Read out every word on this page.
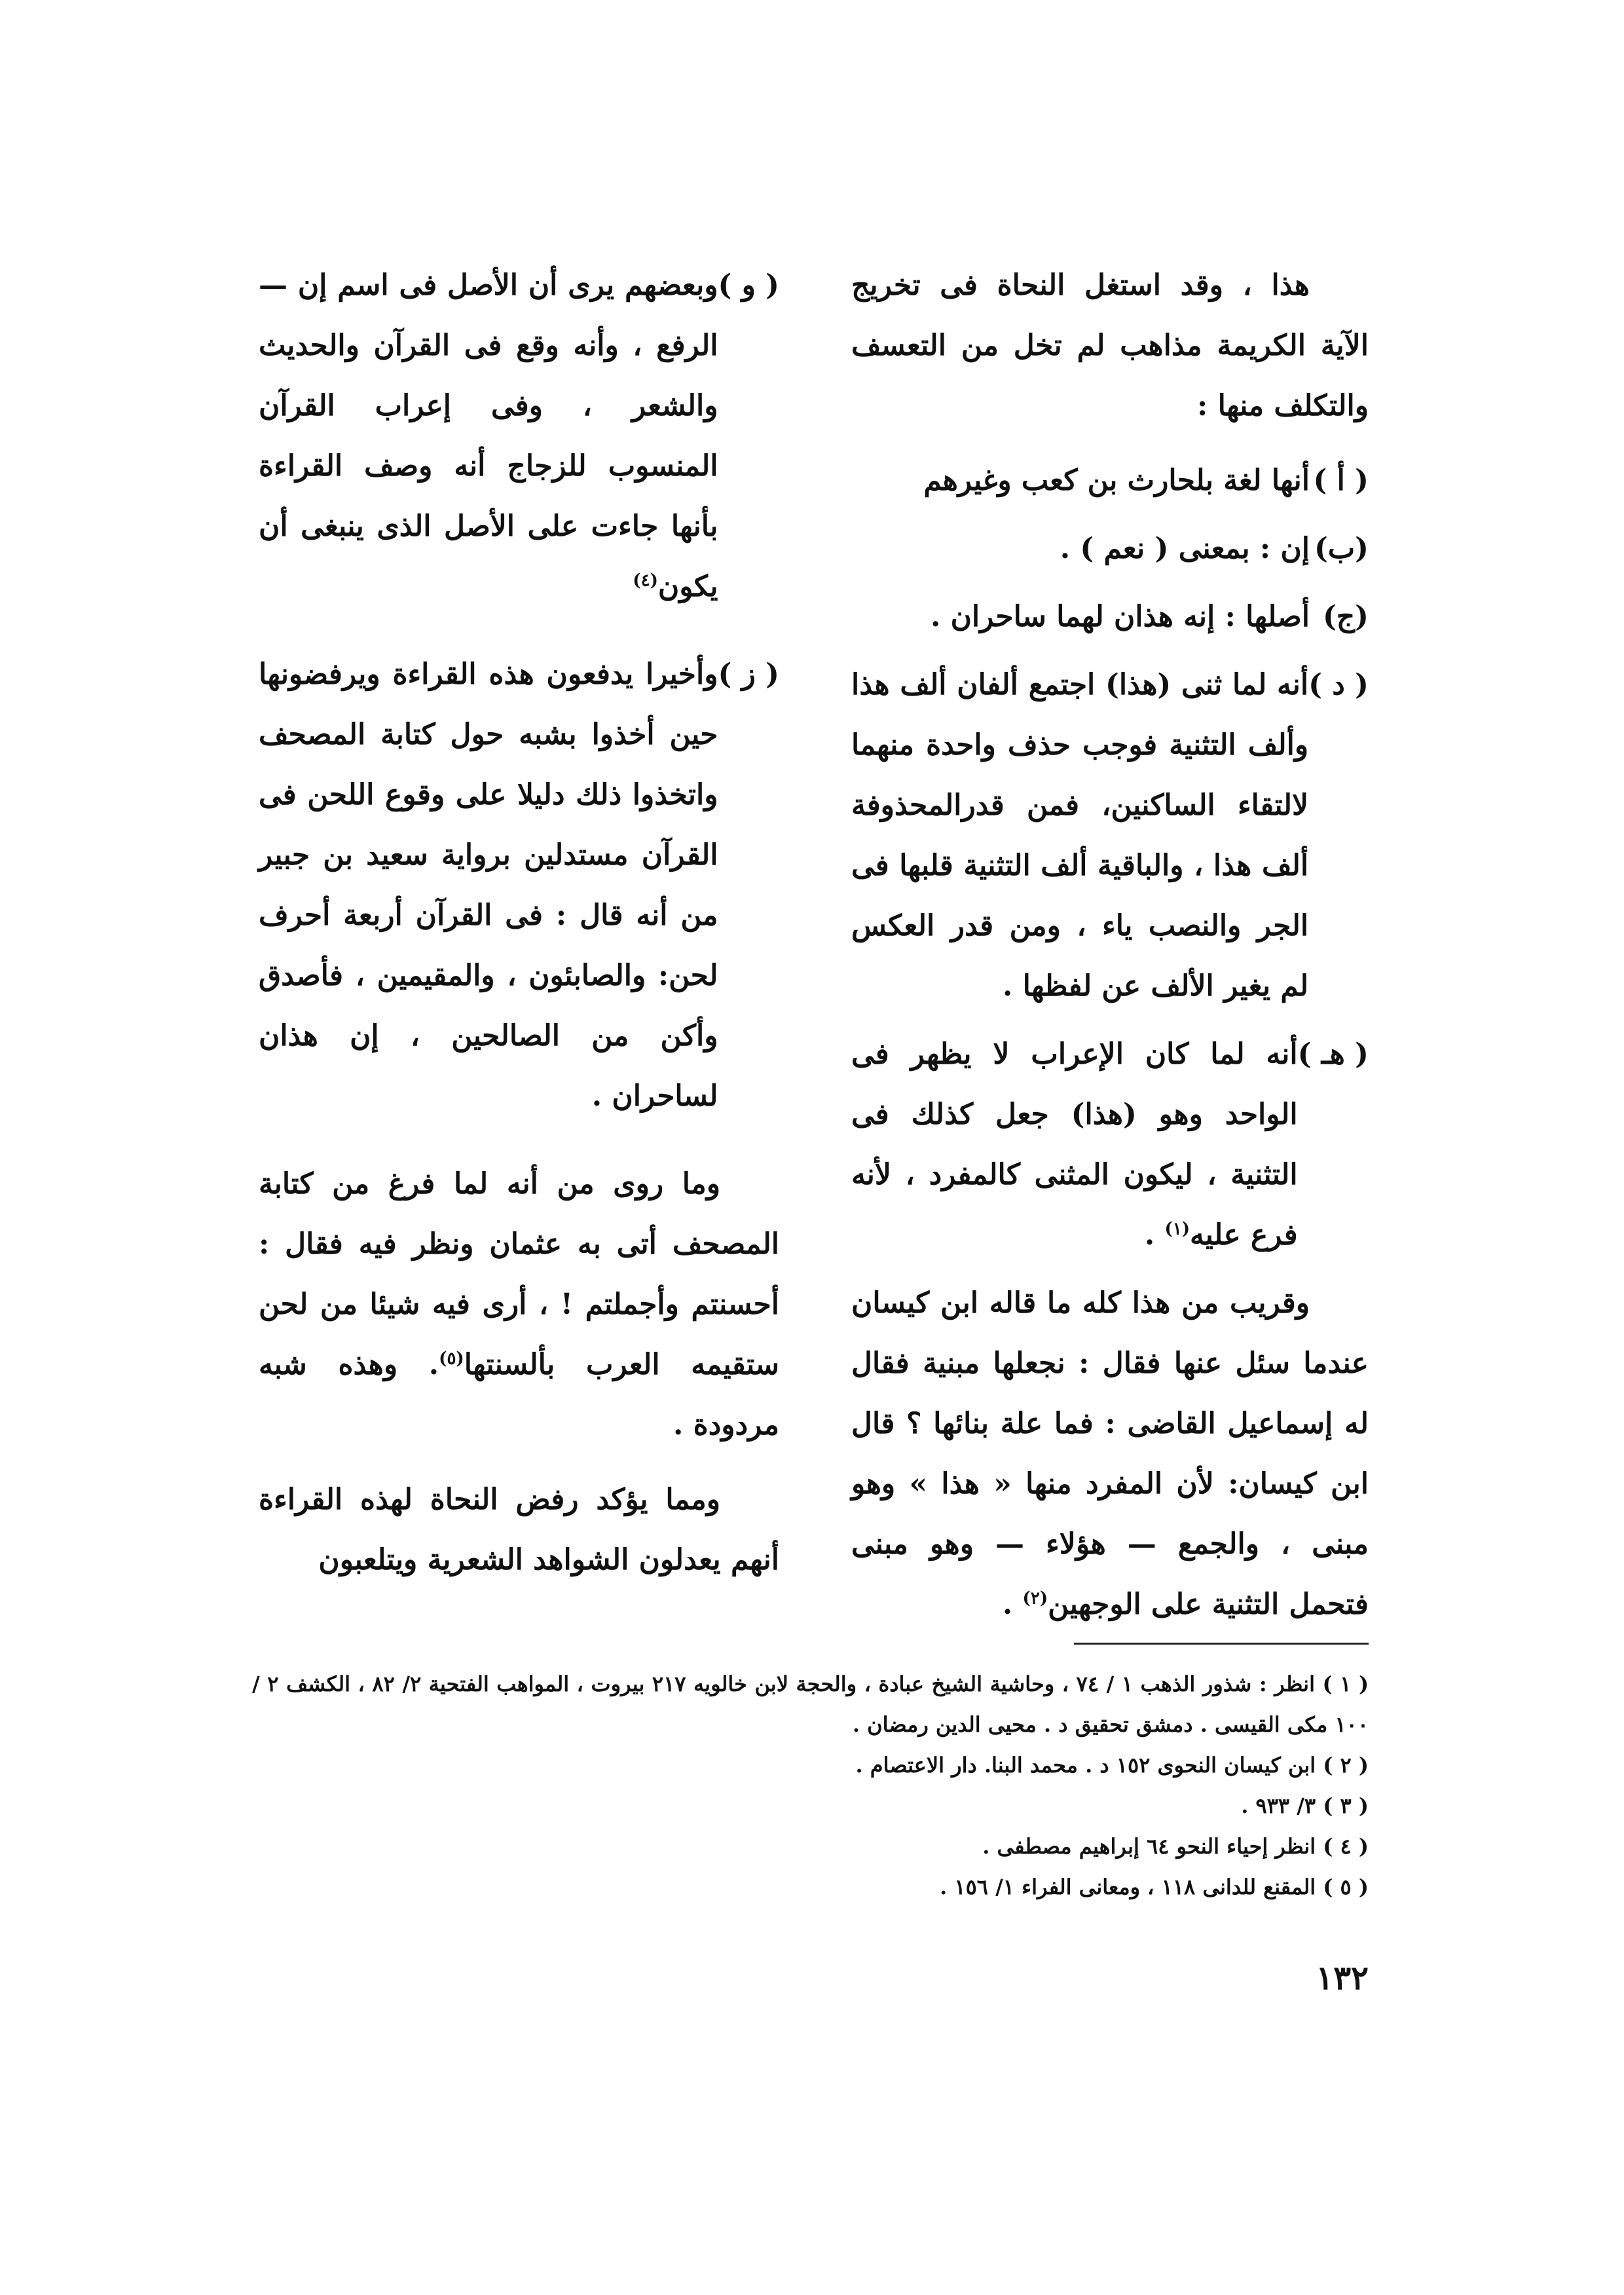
هذا ، وقد استغل النحاة فى تخريج الآية الكريمة مذاهب لم تخل من التعسف والتكلف منها :

( أ )
أنها لغة بلحارث بن كعب وغيرهم
(ب)
إن : بمعنى ( نعم ) .
(ج)
أصلها : إنه هذان لهما ساحران .
( د )
أنه لما ثنى (هذا) اجتمع ألفان ألف هذا وألف التثنية فوجب حذف واحدة منهما لالتقاء الساكنين، فمن قدرالمحذوفة ألف هذا ، والباقية ألف التثنية قلبها فى الجر والنصب ياء ، ومن قدر العكس لم يغير الألف عن لفظها .
( هـ )
أنه لما كان الإعراب لا يظهر فى الواحد وهو (هذا) جعل كذلك فى التثنية ، ليكون المثنى كالمفرد ، لأنه فرع عليه$^{(١)}$ .

وقريب من هذا كله ما قاله ابن كيسان عندما سئل عنها فقال : نجعلها مبنية فقال له إسماعيل القاضى : فما علة بنائها ؟ قال ابن كيسان: لأن المفرد منها « هذا » وهو مبنى ، والجمع — هؤلاء — وهو مبنى فتحمل التثنية على الوجهين$^{(٢)}$ .

( و )
وبعضهم يرى أن الأصل فى اسم إن — الرفع ، وأنه وقع فى القرآن والحديث والشعر ، وفى إعراب القرآن المنسوب للزجاج أنه وصف القراءة بأنها جاءت على الأصل الذى ينبغى أن يكون$^{(٤)}$
( ز )
وأخيرا يدفعون هذه القراءة ويرفضونها حين أخذوا بشبه حول كتابة المصحف واتخذوا ذلك دليلا على وقوع اللحن فى القرآن مستدلين برواية سعيد بن جبير من أنه قال : فى القرآن أربعة أحرف لحن: والصابئون ، والمقيمين ، فأصدق وأكن من الصالحين ، إن هذان لساحران .

وما روى من أنه لما فرغ من كتابة المصحف أتى به عثمان ونظر فيه فقال : أحسنتم وأجملتم ! ، أرى فيه شيئا من لحن ستقيمه العرب بألسنتها$^{(٥)}$. وهذه شبه مردودة .

ومما يؤكد رفض النحاة لهذه القراءة أنهم يعدلون الشواهد الشعرية ويتلعبون

( ١ ) انظر : شذور الذهب ١ / ٧٤ ، وحاشية الشيخ عبادة ، والحجة لابن خالويه ٢١٧ بيروت ، المواهب الفتحية ٢/ ٨٢ ، الكشف ٢ / ١٠٠ مكى القيسى . دمشق تحقيق د . محيى الدين رمضان .

( ٢ ) ابن كيسان النحوى ١٥٢ د . محمد البنا. دار الاعتصام .

( ٣ ) ٣/ ٩٣٣ .

( ٤ ) انظر إحياء النحو ٦٤ إبراهيم مصطفى .

( ٥ ) المقنع للدانى ١١٨ ، ومعانى الفراء ١/ ١٥٦ .

١٣٢
